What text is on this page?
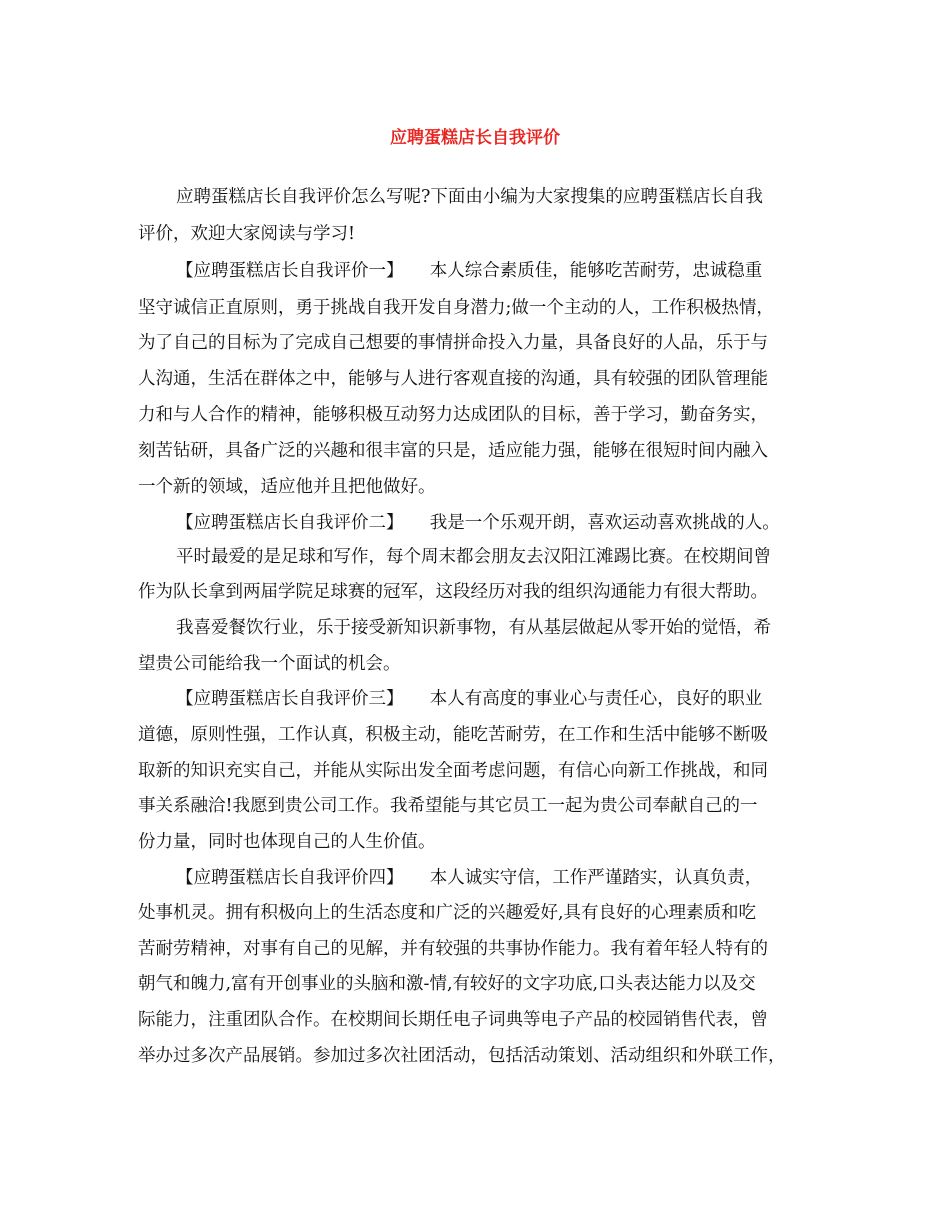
应聘蛋糕店长自我评价
应聘蛋糕店长自我评价怎么写呢?下面由小编为大家搜集的应聘蛋糕店长自我
评价，欢迎大家阅读与学习!
【应聘蛋糕店长自我评价一】　　本人综合素质佳，能够吃苦耐劳，忠诚稳重
坚守诚信正直原则，勇于挑战自我开发自身潜力;做一个主动的人，工作积极热情，
为了自己的目标为了完成自己想要的事情拼命投入力量，具备良好的人品，乐于与
人沟通，生活在群体之中，能够与人进行客观直接的沟通，具有较强的团队管理能
力和与人合作的精神，能够积极互动努力达成团队的目标，善于学习，勤奋务实，
刻苦钻研，具备广泛的兴趣和很丰富的只是，适应能力强，能够在很短时间内融入
一个新的领域，适应他并且把他做好。
【应聘蛋糕店长自我评价二】　　我是一个乐观开朗，喜欢运动喜欢挑战的人。
平时最爱的是足球和写作，每个周末都会朋友去汉阳江滩踢比赛。在校期间曾
作为队长拿到两届学院足球赛的冠军，这段经历对我的组织沟通能力有很大帮助。
我喜爱餐饮行业，乐于接受新知识新事物，有从基层做起从零开始的觉悟，希
望贵公司能给我一个面试的机会。
【应聘蛋糕店长自我评价三】　　本人有高度的事业心与责任心，良好的职业
道德，原则性强，工作认真，积极主动，能吃苦耐劳，在工作和生活中能够不断吸
取新的知识充实自己，并能从实际出发全面考虑问题，有信心向新工作挑战，和同
事关系融洽!我愿到贵公司工作。我希望能与其它员工一起为贵公司奉献自己的一
份力量，同时也体现自己的人生价值。
【应聘蛋糕店长自我评价四】　　本人诚实守信，工作严谨踏实，认真负责，
处事机灵。拥有积极向上的生活态度和广泛的兴趣爱好,具有良好的心理素质和吃
苦耐劳精神，对事有自己的见解，并有较强的共事协作能力。我有着年轻人特有的
朝气和魄力,富有开创事业的头脑和激-情,有较好的文字功底,口头表达能力以及交
际能力，注重团队合作。在校期间长期任电子词典等电子产品的校园销售代表，曾
举办过多次产品展销。参加过多次社团活动，包括活动策划、活动组织和外联工作，
